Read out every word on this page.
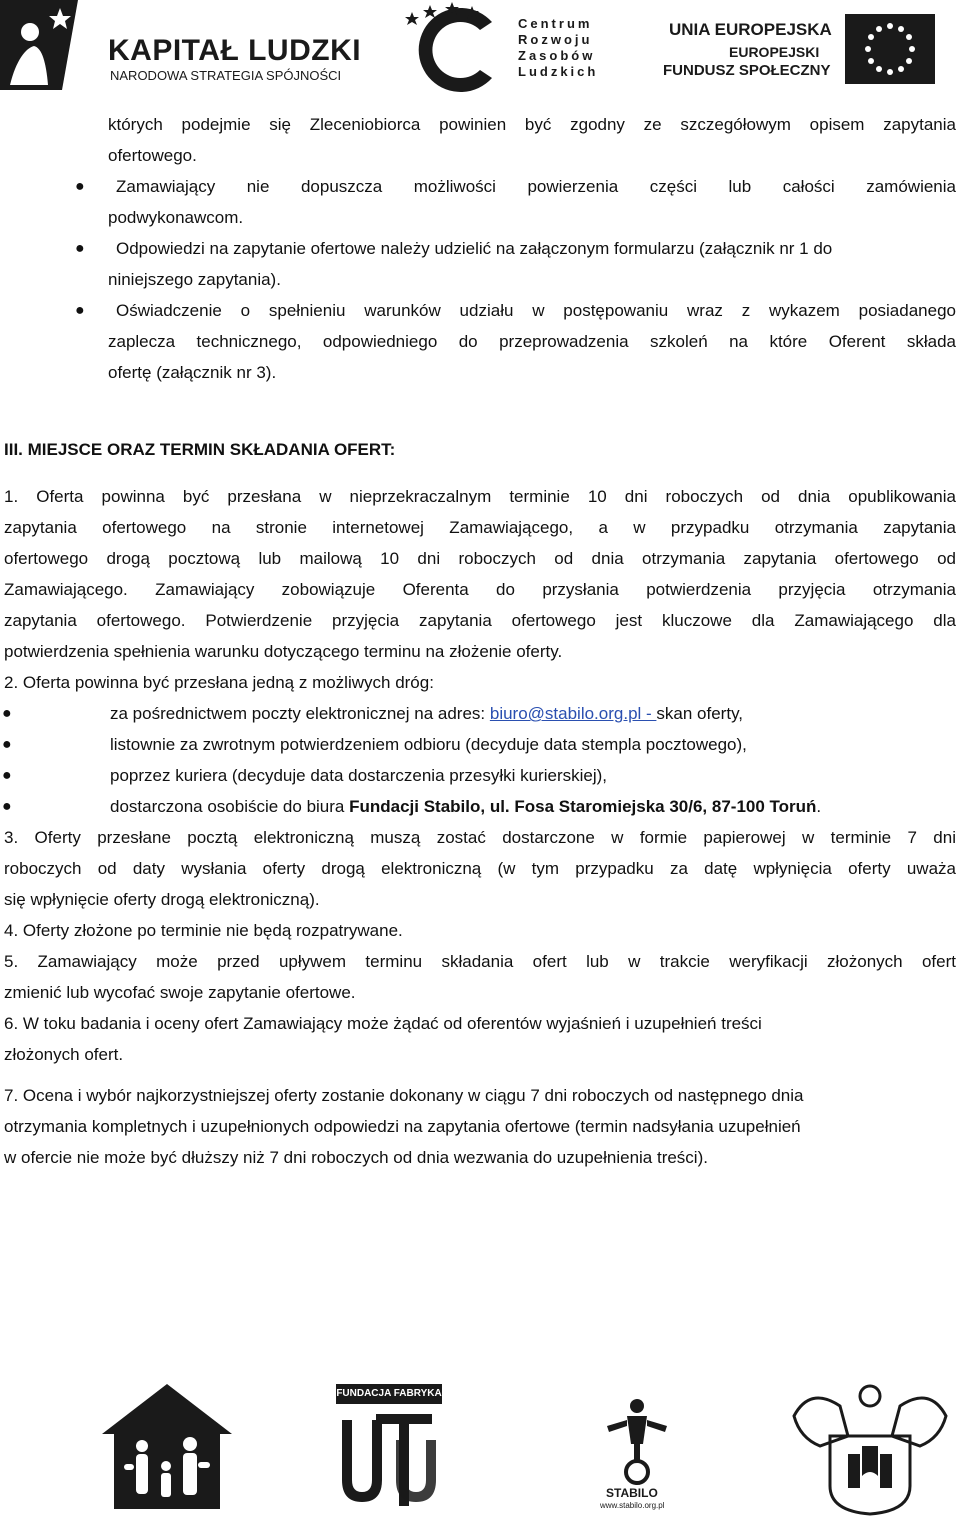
KAPITAŁ LUDZKI
NARODOWA STRATEGIA SPÓJNOŚCI
Centrum
Rozwoju
Zasobów
Ludzkich
UNIA EUROPEJSKA
EUROPEJSKI
FUNDUSZ SPOŁECZNY
których podejmie się Zleceniobiorca powinien być zgodny ze szczegółowym opisem zapytania
ofertowego.
●	Zamawiający nie dopuszcza możliwości powierzenia części lub całości zamówienia
podwykonawcom.
●	Odpowiedzi na zapytanie ofertowe należy udzielić na załączonym formularzu (załącznik nr 1 do
niniejszego zapytania).
●	Oświadczenie o spełnieniu warunków udziału w postępowaniu wraz z wykazem posiadanego
zaplecza technicznego, odpowiedniego do przeprowadzenia szkoleń na które Oferent składa
ofertę (załącznik nr 3).
III. MIEJSCE ORAZ TERMIN SKŁADANIA OFERT:
1. Oferta powinna być przesłana w nieprzekraczalnym terminie 10 dni roboczych od dnia opublikowania
zapytania ofertowego na stronie internetowej Zamawiającego, a w przypadku otrzymania zapytania
ofertowego drogą pocztową lub mailową 10 dni roboczych od dnia otrzymania zapytania ofertowego od
Zamawiającego. Zamawiający zobowiązuje Oferenta do przysłania potwierdzenia przyjęcia otrzymania
zapytania ofertowego. Potwierdzenie przyjęcia zapytania ofertowego jest kluczowe dla Zamawiającego dla
potwierdzenia spełnienia warunku dotyczącego terminu na złożenie oferty.
2. Oferta powinna być przesłana jedną z możliwych dróg:
●	za pośrednictwem poczty elektronicznej na adres: biuro@stabilo.org.pl - skan oferty,
●	listownie za zwrotnym potwierdzeniem odbioru (decyduje data stempla pocztowego),
●	poprzez kuriera (decyduje data dostarczenia przesyłki kurierskiej),
●	dostarczona osobiście do biura Fundacji Stabilo, ul. Fosa Staromiejska 30/6, 87-100 Toruń.
3. Oferty przesłane pocztą elektroniczną muszą zostać dostarczone w formie papierowej w terminie 7 dni
roboczych od daty wysłania oferty drogą elektroniczną (w tym przypadku za datę wpłynięcia oferty uważa
się wpłynięcie oferty drogą elektroniczną).
4. Oferty złożone po terminie nie będą rozpatrywane.
5. Zamawiający może przed upływem terminu składania ofert lub w trakcie weryfikacji złożonych ofert
zmienić lub wycofać swoje zapytanie ofertowe.
6. W toku badania i oceny ofert Zamawiający może żądać od oferentów wyjaśnień i uzupełnień treści
złożonych ofert.
7. Ocena i wybór najkorzystniejszej oferty zostanie dokonany w ciągu 7 dni roboczych od następnego dnia
otrzymania kompletnych i uzupełnionych odpowiedzi na zapytania ofertowe (termin nadsyłania uzupełnień
w ofercie nie może być dłuższy niż 7 dni roboczych od dnia wezwania do uzupełnienia treści).
FUNDACJA FABRYKA
STABILO
www.stabilo.org.pl
